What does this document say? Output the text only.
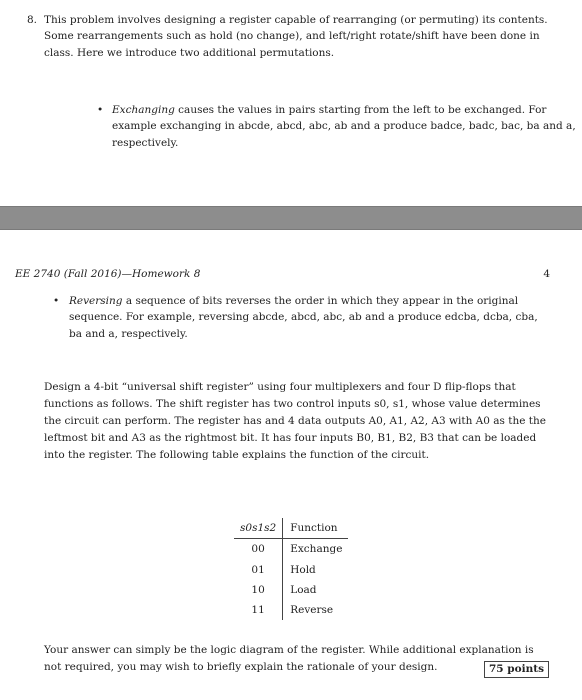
8. This problem involves designing a register capable of rearranging (or permuting) its contents. Some rearrangements such as hold (no change), and left/right rotate/shift have been done in class. Here we introduce two additional permutations.
• Exchanging causes the values in pairs starting from the left to be exchanged. For example exchanging in abcde, abcd, abc, ab and a produce badce, badc, bac, ba and a, respectively.
EE 2740 (Fall 2016)—Homework 8	4
• Reversing a sequence of bits reverses the order in which they appear in the original sequence. For example, reversing abcde, abcd, abc, ab and a produce edcba, dcba, cba, ba and a, respectively.
Design a 4-bit “universal shift register” using four multiplexers and four D flip-flops that functions as follows. The shift register has two control inputs s0, s1, whose value determines the circuit can perform. The register has and 4 data outputs A0, A1, A2, A3 with A0 as the the leftmost bit and A3 as the rightmost bit. It has four inputs B0, B1, B2, B3 that can be loaded into the register. The following table explains the function of the circuit.
s0s1s2	Function
00	Exchange
01	Hold
10	Load
11	Reverse
Your answer can simply be the logic diagram of the register. While additional explanation is not required, you may wish to briefly explain the rationale of your design.	75 points
